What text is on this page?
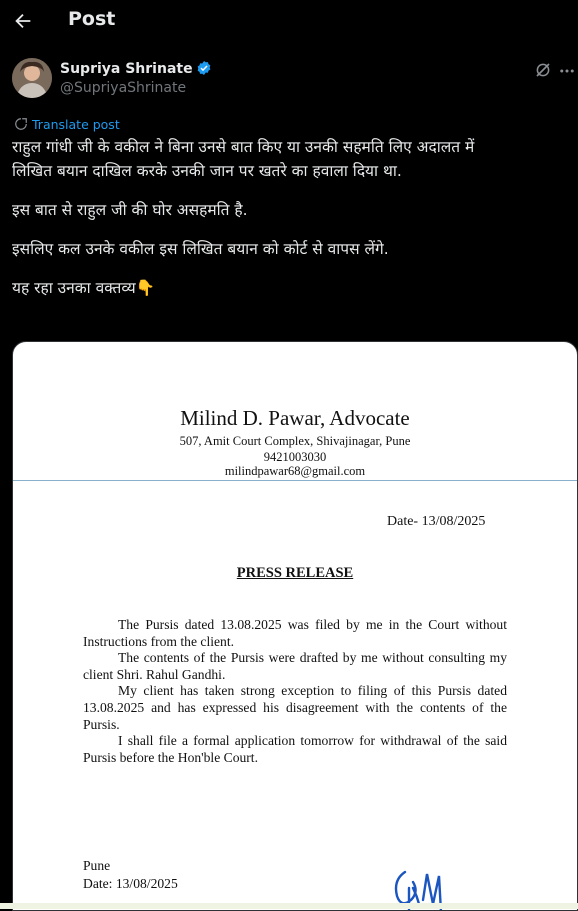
Post
Supriya Shrinate
@SupriyaShrinate
Translate post

राहुल गांधी जी के वकील ने बिना उनसे बात किए या उनकी सहमति लिए अदालत में

लिखित बयान दाखिल करके उनकी जान पर खतरे का हवाला दिया था.

इस बात से राहुल जी की घोर असहमति है.

इसलिए कल उनके वकील इस लिखित बयान को कोर्ट से वापस लेंगे.

यह रहा उनका वक्तव्य👇

Milind D. Pawar, Advocate
507, Amit Court Complex, Shivajinagar, Pune
9421003030
milindpawar68@gmail.com
Date- 13/08/2025
PRESS RELEASE

The Pursis dated 13.08.2025 was filed by me in the Court without Instructions from the client.

The contents of the Pursis were drafted by me without consulting my client Shri. Rahul Gandhi.

My client has taken strong exception to filing of this Pursis dated 13.08.2025 and has expressed his disagreement with the contents of the Pursis.

I shall file a formal application tomorrow for withdrawal of the said Pursis before the Hon'ble Court.

Pune
Date: 13/08/2025
